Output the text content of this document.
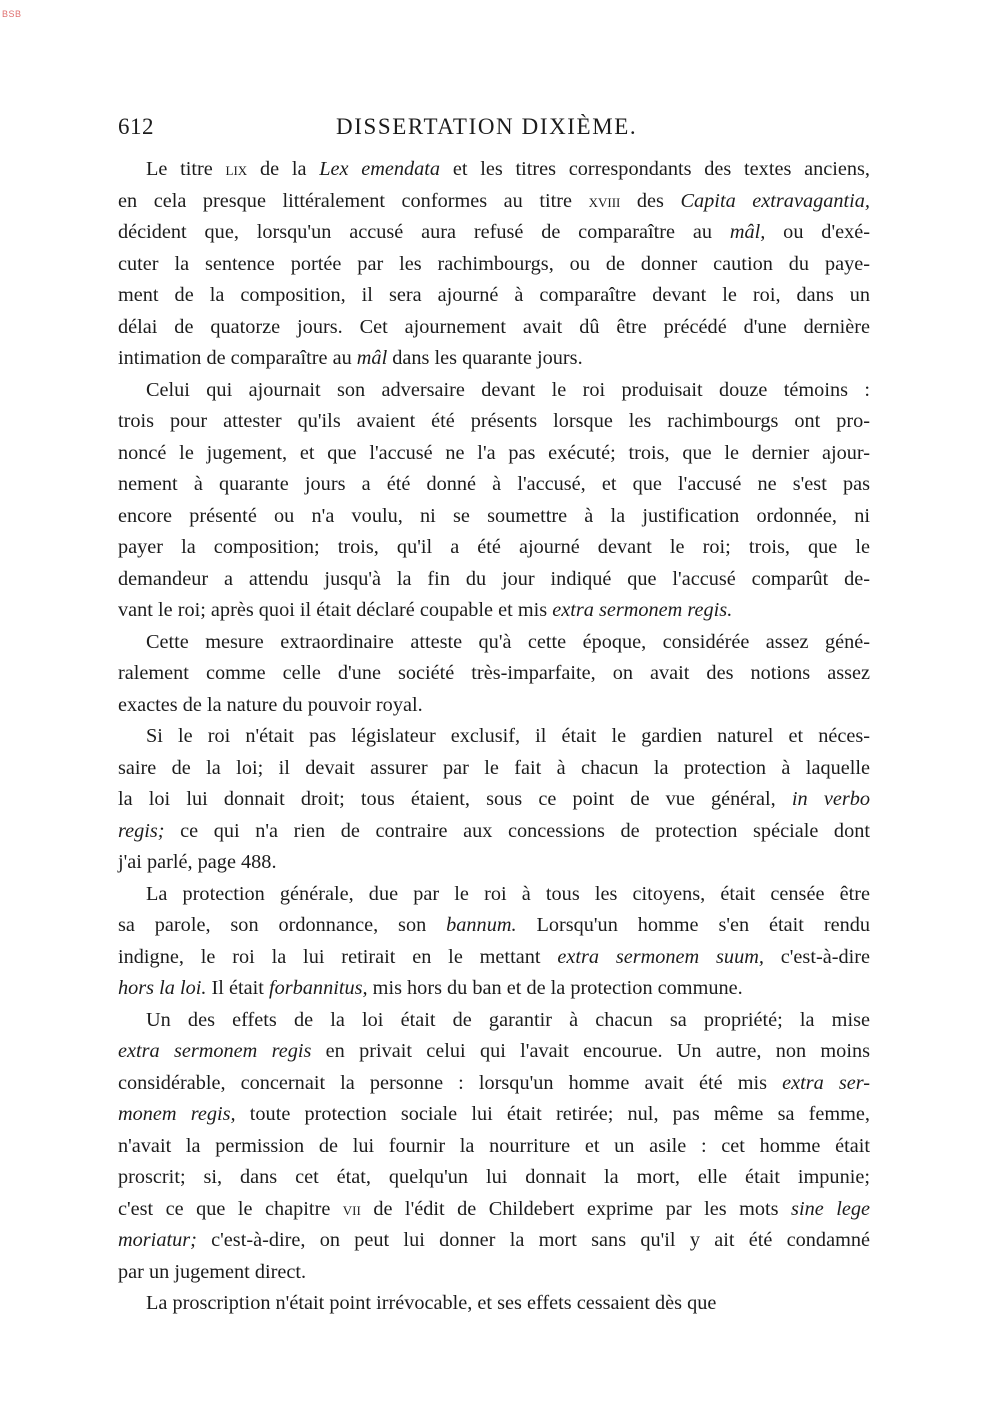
BSB
612	DISSERTATION DIXIÈME.
Le titre lix de la Lex emendata et les titres correspondants des textes anciens,
en cela presque littéralement conformes au titre xviii des Capita extravagantia,
décident que, lorsqu'un accusé aura refusé de comparaître au mâl, ou d'exé-
cuter la sentence portée par les rachimbourgs, ou de donner caution du paye-
ment de la composition, il sera ajourné à comparaître devant le roi, dans un
délai de quatorze jours. Cet ajournement avait dû être précédé d'une dernière
intimation de comparaître au mâl dans les quarante jours.
Celui qui ajournait son adversaire devant le roi produisait douze témoins :
trois pour attester qu'ils avaient été présents lorsque les rachimbourgs ont pro-
noncé le jugement, et que l'accusé ne l'a pas exécuté; trois, que le dernier ajour-
nement à quarante jours a été donné à l'accusé, et que l'accusé ne s'est pas
encore présenté ou n'a voulu, ni se soumettre à la justification ordonnée, ni
payer la composition; trois, qu'il a été ajourné devant le roi; trois, que le
demandeur a attendu jusqu'à la fin du jour indiqué que l'accusé comparût de-
vant le roi; après quoi il était déclaré coupable et mis extra sermonem regis.
Cette mesure extraordinaire atteste qu'à cette époque, considérée assez géné-
ralement comme celle d'une société très-imparfaite, on avait des notions assez
exactes de la nature du pouvoir royal.
Si le roi n'était pas législateur exclusif, il était le gardien naturel et néces-
saire de la loi; il devait assurer par le fait à chacun la protection à laquelle
la loi lui donnait droit; tous étaient, sous ce point de vue général, in verbo
regis; ce qui n'a rien de contraire aux concessions de protection spéciale dont
j'ai parlé, page 488.
La protection générale, due par le roi à tous les citoyens, était censée être
sa parole, son ordonnance, son bannum. Lorsqu'un homme s'en était rendu
indigne, le roi la lui retirait en le mettant extra sermonem suum, c'est-à-dire
hors la loi. Il était forbannitus, mis hors du ban et de la protection commune.
Un des effets de la loi était de garantir à chacun sa propriété; la mise
extra sermonem regis en privait celui qui l'avait encourue. Un autre, non moins
considérable, concernait la personne : lorsqu'un homme avait été mis extra ser-
monem regis, toute protection sociale lui était retirée; nul, pas même sa femme,
n'avait la permission de lui fournir la nourriture et un asile : cet homme était
proscrit; si, dans cet état, quelqu'un lui donnait la mort, elle était impunie;
c'est ce que le chapitre vii de l'édit de Childebert exprime par les mots sine lege
moriatur; c'est-à-dire, on peut lui donner la mort sans qu'il y ait été condamné
par un jugement direct.
La proscription n'était point irrévocable, et ses effets cessaient dès que
